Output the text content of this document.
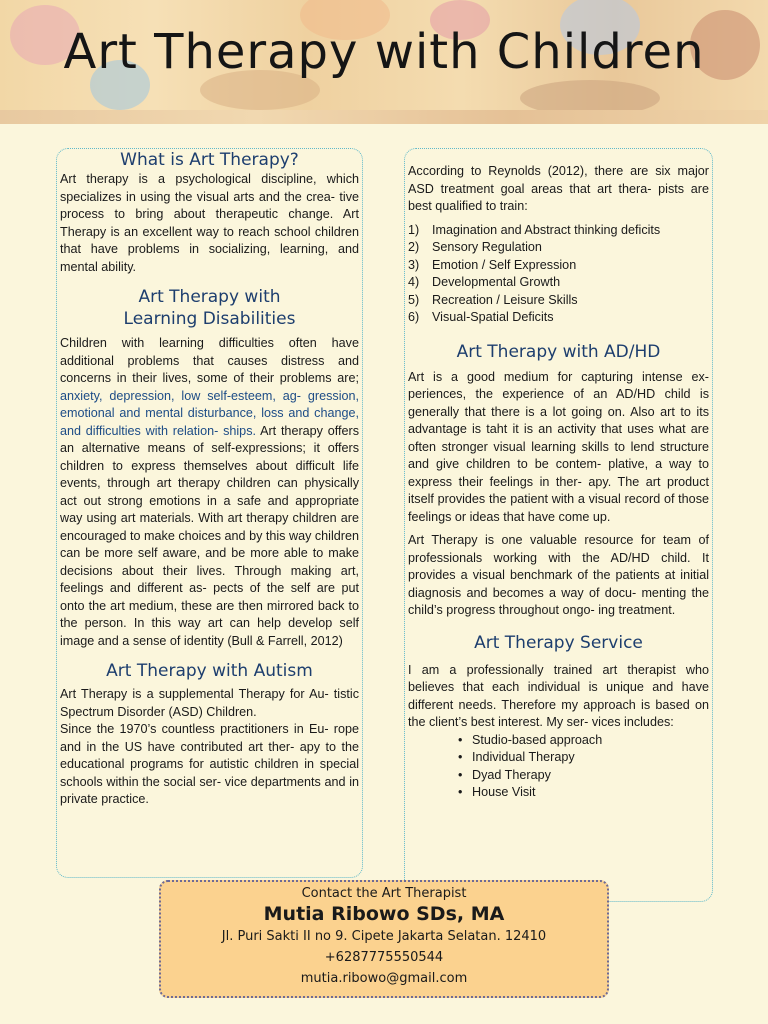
Art Therapy with Children
What is Art Therapy?

Art therapy is a psychological discipline, which specializes in using the visual arts and the crea- tive process to bring about therapeutic change. Art Therapy is an excellent way to reach school children that have problems in socializing, learning, and mental ability.

Art Therapy with
Learning Disabilities

Children with learning difficulties often have additional problems that causes distress and concerns in their lives, some of their problems are; anxiety, depression, low self-esteem, ag- gression, emotional and mental disturbance, loss and change, and difficulties with relation- ships. Art therapy offers an alternative means of self-expressions; it offers children to express themselves about difficult life events, through art therapy children can physically act out strong emotions in a safe and appropriate way using art materials. With art therapy children are encouraged to make choices and by this way children can be more self aware, and be more able to make decisions about their lives. Through making art, feelings and different as- pects of the self are put onto the art medium, these are then mirrored back to the person. In this way art can help develop self image and a sense of identity (Bull & Farrell, 2012)

Art Therapy with Autism

Art Therapy is a supplemental Therapy for Au- tistic Spectrum Disorder (ASD) Children.

Since the 1970’s countless practitioners in Eu- rope and in the US have contributed art ther- apy to the educational programs for autistic children in special schools within the social ser- vice departments and in private practice.

According to Reynolds (2012), there are six major ASD treatment goal areas that art thera- pists are best qualified to train:

1) Imagination and Abstract thinking deficits
2) Sensory Regulation
3) Emotion / Self Expression
4) Developmental Growth
5) Recreation / Leisure Skills
6) Visual-Spatial Deficits
Art Therapy with AD/HD

Art is a good medium for capturing intense ex- periences, the experience of an AD/HD child is generally that there is a lot going on. Also art to its advantage is taht it is an activity that uses what are often stronger visual learning skills to lend structure and give children to be contem- plative, a way to express their feelings in ther- apy. The art product itself provides the patient with a visual record of those feelings or ideas that have come up.

Art Therapy is one valuable resource for team of professionals working with the AD/HD child. It provides a visual benchmark of the patients at initial diagnosis and becomes a way of docu- menting the child’s progress throughout ongo- ing treatment.

Art Therapy Service

I am a professionally trained art therapist who believes that each individual is unique and have different needs. Therefore my approach is based on the client’s best interest. My ser- vices includes:

• Studio-based approach
• Individual Therapy
• Dyad Therapy
• House Visit
Contact the Art Therapist
Mutia Ribowo SDs, MA
Jl. Puri Sakti II no 9. Cipete Jakarta Selatan. 12410
+6287775550544
mutia.ribowo@gmail.com
